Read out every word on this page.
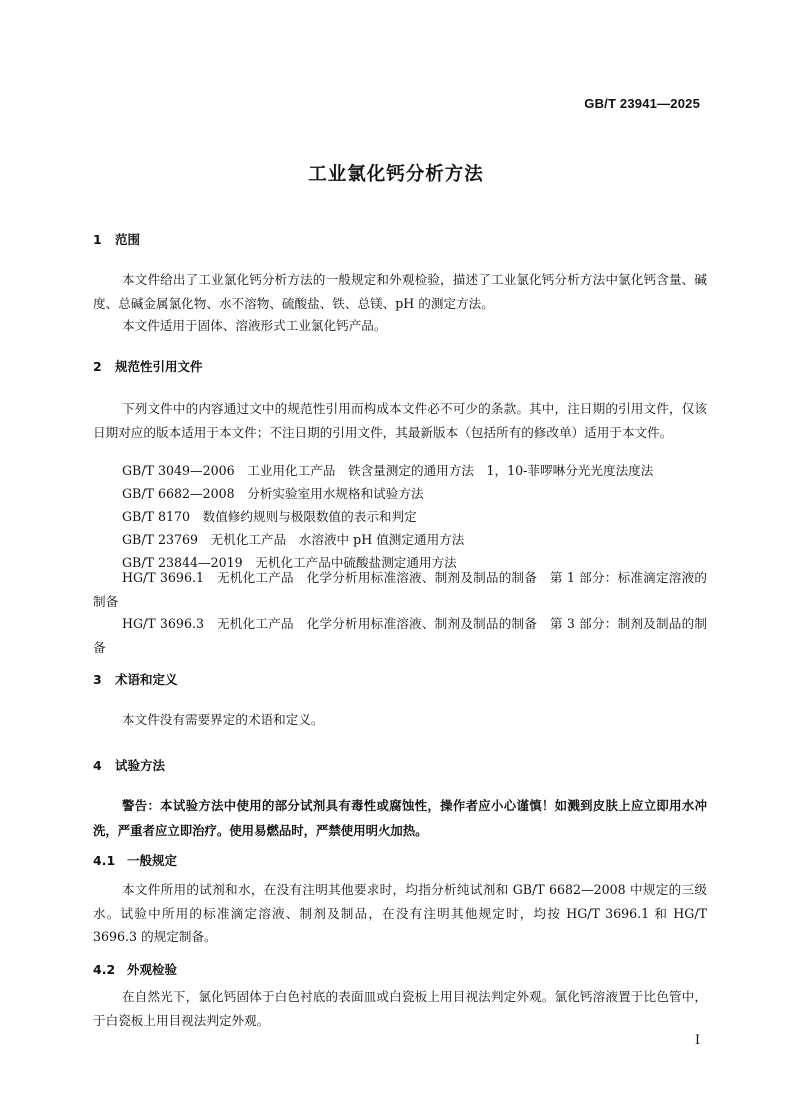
GB/T 23941—2025
工业氯化钙分析方法
1 范围
本文件给出了工业氯化钙分析方法的一般规定和外观检验，描述了工业氯化钙分析方法中氯化钙含量、碱度、总碱金属氯化物、水不溶物、硫酸盐、铁、总镁、pH 的测定方法。
本文件适用于固体、溶液形式工业氯化钙产品。
2 规范性引用文件
下列文件中的内容通过文中的规范性引用而构成本文件必不可少的条款。其中，注日期的引用文件，仅该日期对应的版本适用于本文件；不注日期的引用文件，其最新版本（包括所有的修改单）适用于本文件。
GB/T 3049—2006　工业用化工产品　铁含量测定的通用方法　1，10-菲啰啉分光光度法度法
GB/T 6682—2008　分析实验室用水规格和试验方法
GB/T 8170　数值修约规则与极限数值的表示和判定
GB/T 23769　无机化工产品　水溶液中 pH 值测定通用方法
GB/T 23844—2019　无机化工产品中硫酸盐测定通用方法
HG/T 3696.1　无机化工产品　化学分析用标准溶液、制剂及制品的制备　第 1 部分：标准滴定溶液的制备
HG/T 3696.3　无机化工产品　化学分析用标准溶液、制剂及制品的制备　第 3 部分：制剂及制品的制备
3 术语和定义
本文件没有需要界定的术语和定义。
4 试验方法
警告：本试验方法中使用的部分试剂具有毒性或腐蚀性，操作者应小心谨慎！如溅到皮肤上应立即用水冲洗，严重者应立即治疗。使用易燃品时，严禁使用明火加热。
4.1 一般规定
本文件所用的试剂和水，在没有注明其他要求时，均指分析纯试剂和 GB/T 6682—2008 中规定的三级水。试验中所用的标准滴定溶液、制剂及制品，在没有注明其他规定时，均按 HG/T 3696.1 和 HG/T 3696.3 的规定制备。
4.2 外观检验
在自然光下，氯化钙固体于白色衬底的表面皿或白瓷板上用目视法判定外观。氯化钙溶液置于比色管中，于白瓷板上用目视法判定外观。
I
